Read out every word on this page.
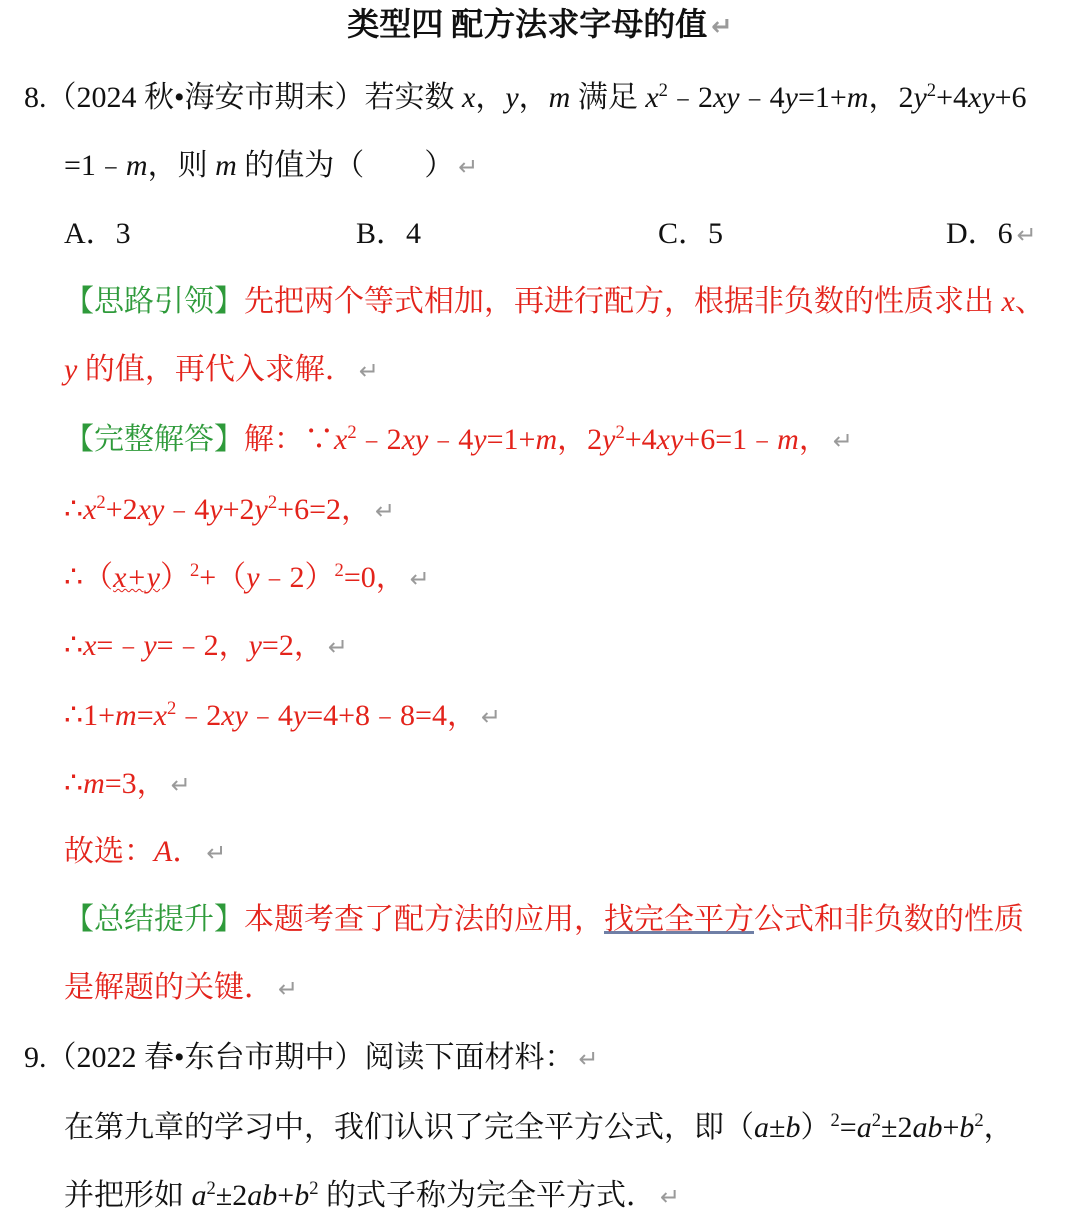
类型四 配方法求字母的值 ↵
8.（2024 秋•海安市期末）若实数 x，y，m 满足 $x^2﹣2xy﹣4y=1+m$，$2y^2+4xy+6$
=1﹣m，则 m 的值为（　　） ↵
A．3	B．4	C．5	D．6 ↵
【思路引领】先把两个等式相加，再进行配方，根据非负数的性质求出 x、
y 的值，再代入求解． ↵
【完整解答】解：$\because x^2﹣2xy﹣4y=1+m$，$2y^2+4xy+6=1﹣m$， ↵
$\therefore x^2+2xy﹣4y+2y^2+6=2$， ↵
$\therefore(x+y)^2+(y﹣2)^2=0$， ↵
∴x=﹣y=﹣2，y=2， ↵
$\therefore 1+m=x^2﹣2xy﹣4y=4+8﹣8=4$， ↵
∴m=3， ↵
故选：A． ↵
【总结提升】本题考查了配方法的应用，找完全平方公式和非负数的性质
是解题的关键． ↵
9.（2022 春•东台市期中）阅读下面材料： ↵
在第九章的学习中，我们认识了完全平方公式，即$(a\pm b)^2=a^2\pm 2ab+b^2$，
并把形如 $a^2\pm 2ab+b^2$ 的式子称为完全平方式． ↵
